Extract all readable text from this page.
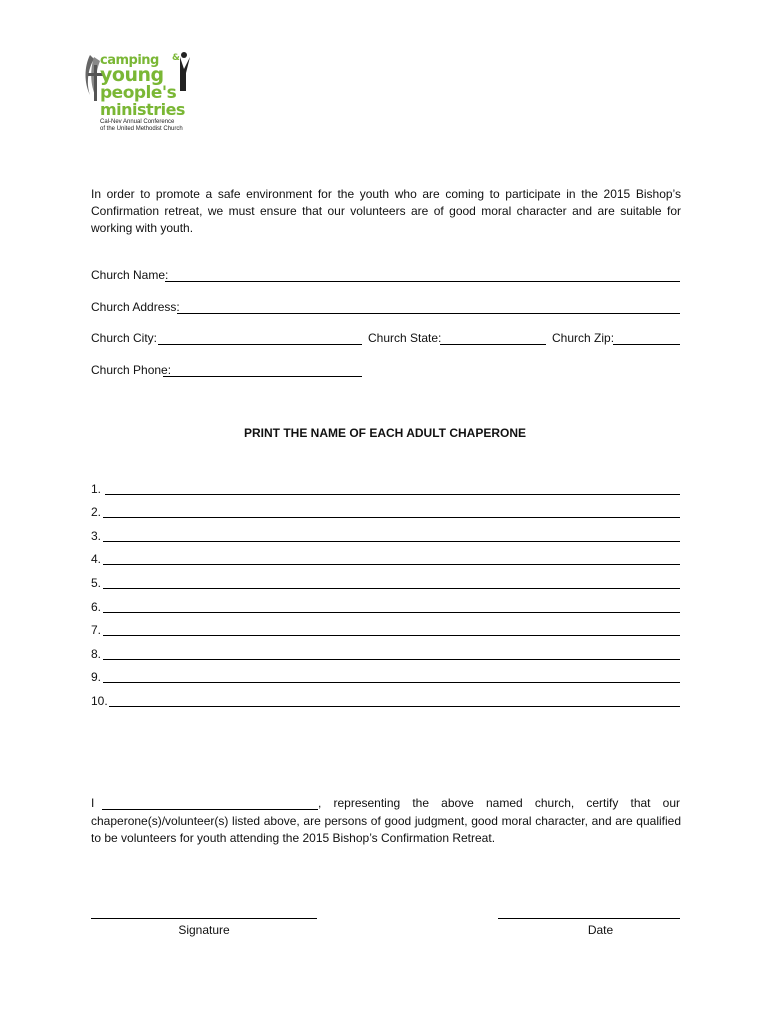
camping &
young
people's
ministries
Cal-Nev Annual Conference
of the United Methodist Church
In order to promote a safe environment for the youth who are coming to participate in the 2015 Bishop’s Confirmation retreat, we must ensure that our volunteers are of good moral character and are suitable for working with youth.
Church Name:
Church Address:
Church City:	Church State:	Church Zip:
Church Phone:
PRINT THE NAME OF EACH ADULT CHAPERONE
1.
2.
3.
4.
5.
6.
7.
8.
9.
10.
I	, representing the above named church, certify that our
chaperone(s)/volunteer(s) listed above, are persons of good judgment, good moral character, and are qualified to be volunteers for youth attending the 2015 Bishop’s Confirmation Retreat.
Signature	Date
